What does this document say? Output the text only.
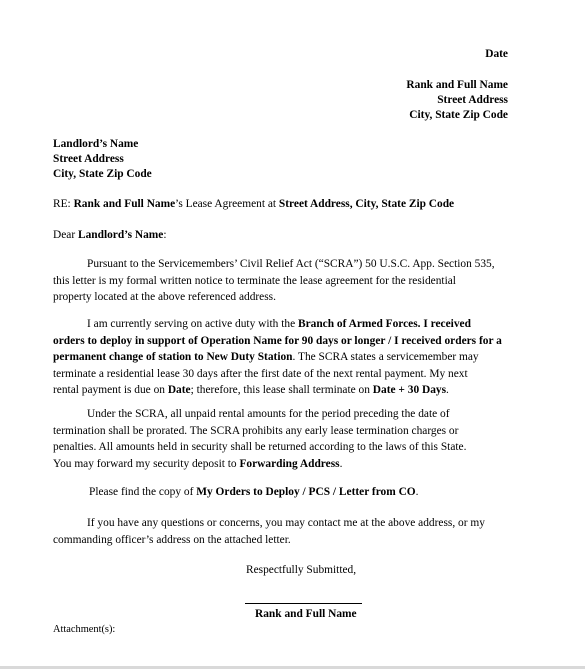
Date
Rank and Full Name
Street Address
City, State Zip Code
Landlord’s Name
Street Address
City, State Zip Code
RE: Rank and Full Name’s Lease Agreement at Street Address, City, State Zip Code
Dear Landlord’s Name:
Pursuant to the Servicemembers’ Civil Relief Act (“SCRA”) 50 U.S.C. App. Section 535,
this letter is my formal written notice to terminate the lease agreement for the residential
property located at the above referenced address.
I am currently serving on active duty with the Branch of Armed Forces. I received
orders to deploy in support of Operation Name for 90 days or longer / I received orders for a
permanent change of station to New Duty Station. The SCRA states a servicemember may
terminate a residential lease 30 days after the first date of the next rental payment. My next
rental payment is due on Date; therefore, this lease shall terminate on Date + 30 Days.
Under the SCRA, all unpaid rental amounts for the period preceding the date of
termination shall be prorated. The SCRA prohibits any early lease termination charges or
penalties. All amounts held in security shall be returned according to the laws of this State.
You may forward my security deposit to Forwarding Address.
Please find the copy of My Orders to Deploy / PCS / Letter from CO.
If you have any questions or concerns, you may contact me at the above address, or my
commanding officer’s address on the attached letter.
Respectfully Submitted,
Rank and Full Name
Attachment(s):
